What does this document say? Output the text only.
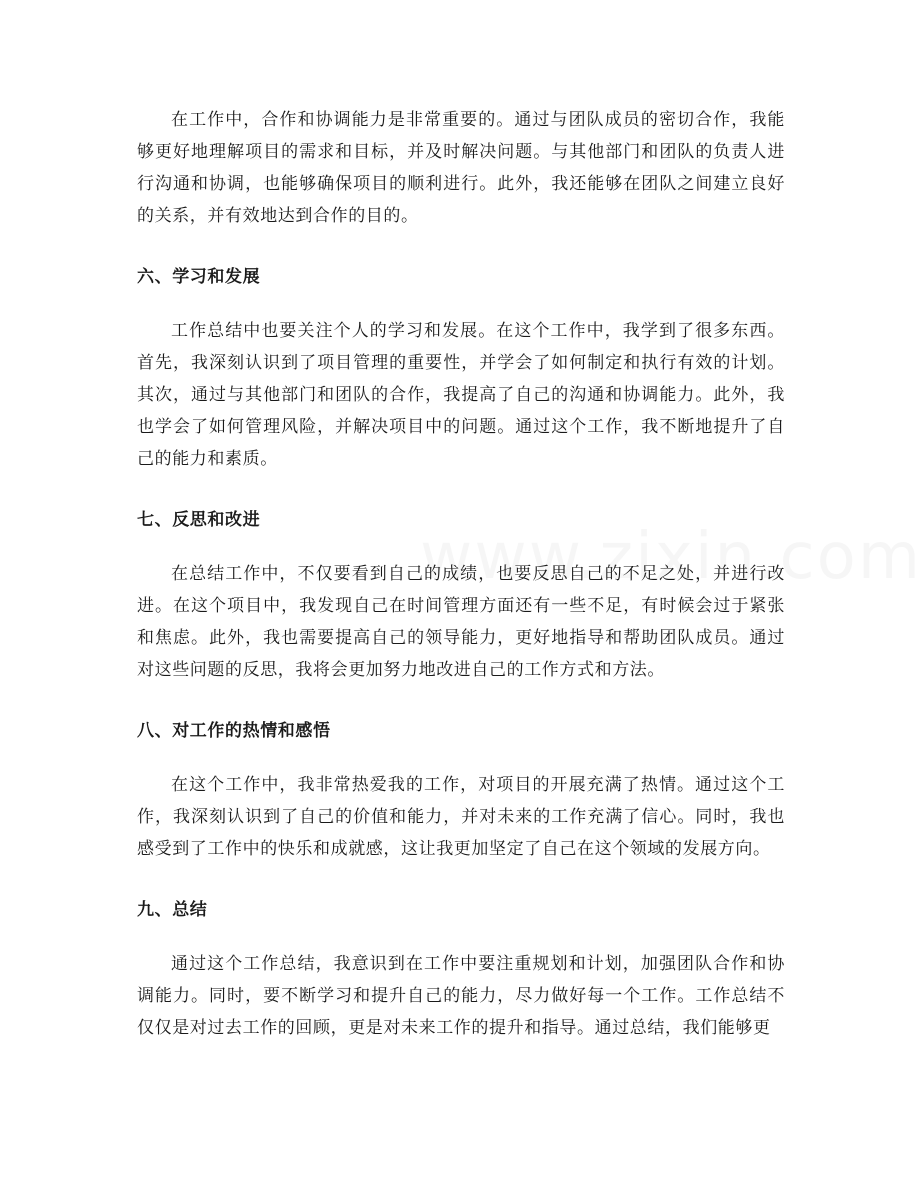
在工作中，合作和协调能力是非常重要的。通过与团队成员的密切合作，我能够更好地理解项目的需求和目标，并及时解决问题。与其他部门和团队的负责人进行沟通和协调，也能够确保项目的顺利进行。此外，我还能够在团队之间建立良好的关系，并有效地达到合作的目的。

六、学习和发展

工作总结中也要关注个人的学习和发展。在这个工作中，我学到了很多东西。首先，我深刻认识到了项目管理的重要性，并学会了如何制定和执行有效的计划。其次，通过与其他部门和团队的合作，我提高了自己的沟通和协调能力。此外，我也学会了如何管理风险，并解决项目中的问题。通过这个工作，我不断地提升了自己的能力和素质。

七、反思和改进

在总结工作中，不仅要看到自己的成绩，也要反思自己的不足之处，并进行改进。在这个项目中，我发现自己在时间管理方面还有一些不足，有时候会过于紧张和焦虑。此外，我也需要提高自己的领导能力，更好地指导和帮助团队成员。通过对这些问题的反思，我将会更加努力地改进自己的工作方式和方法。

八、对工作的热情和感悟

在这个工作中，我非常热爱我的工作，对项目的开展充满了热情。通过这个工作，我深刻认识到了自己的价值和能力，并对未来的工作充满了信心。同时，我也感受到了工作中的快乐和成就感，这让我更加坚定了自己在这个领域的发展方向。

九、总结

通过这个工作总结，我意识到在工作中要注重规划和计划，加强团队合作和协调能力。同时，要不断学习和提升自己的能力，尽力做好每一个工作。工作总结不仅仅是对过去工作的回顾，更是对未来工作的提升和指导。通过总结，我们能够更
